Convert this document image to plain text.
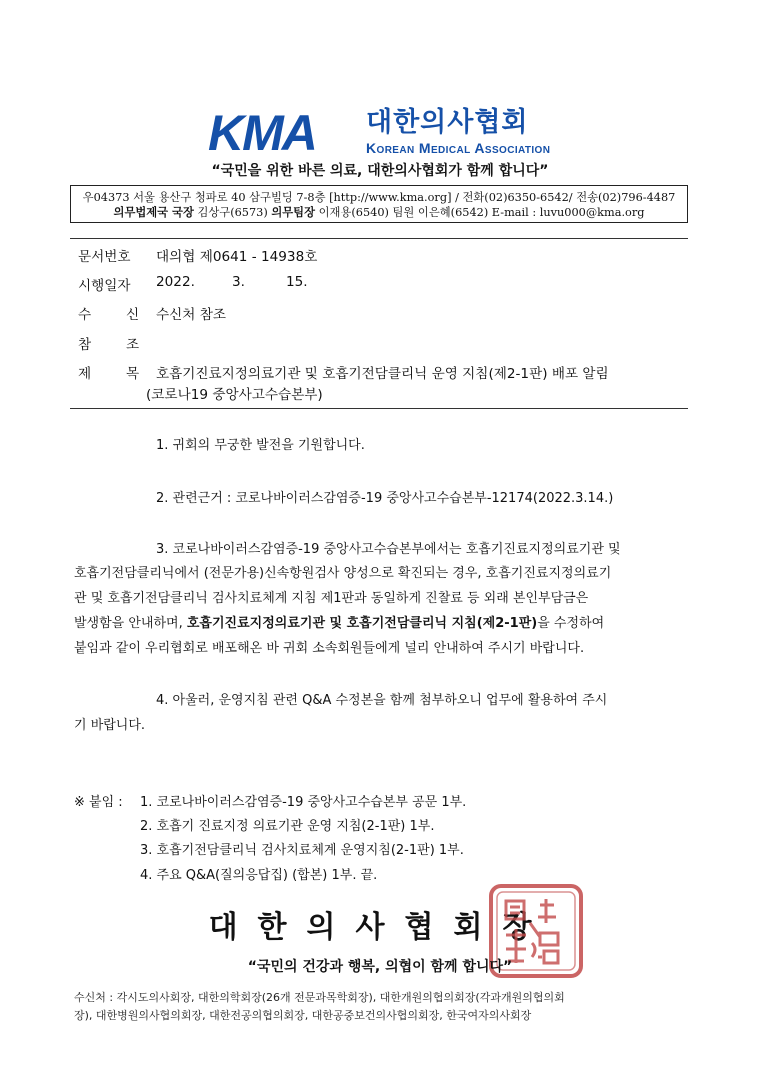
KMA 대한의사협회
Korean Medical Association
“국민을 위한 바른 의료, 대한의사협회가 함께 합니다”
우04373 서울 용산구 청파로 40 삼구빌딩 7-8층 [http://www.kma.org] / 전화(02)6350-6542/ 전송(02)796-4487
의무법제국 국장 김상구(6573) 의무팀장 이재용(6540) 팀원 이은혜(6542) E-mail : luvu000@kma.org
문서번호 대의협 제0641 - 14938호
시행일자 2022.	3.	15.
수	신 수신처 참조
참	조
제	목 호흡기진료지정의료기관 및 호흡기전담클리닉 운영 지침(제2-1판) 배포 알림
(코로나19 중앙사고수습본부)
1. 귀회의 무궁한 발전을 기원합니다.
2. 관련근거 : 코로나바이러스감염증-19 중앙사고수습본부-12174(2022.3.14.)
3. 코로나바이러스감염증-19 중앙사고수습본부에서는 호흡기진료지정의료기관 및
호흡기전담클리닉에서 (전문가용)신속항원검사 양성으로 확진되는 경우, 호흡기진료지정의료기
관 및 호흡기전담클리닉 검사치료체계 지침 제1판과 동일하게 진찰료 등 외래 본인부담금은
발생함을 안내하며, 호흡기진료지정의료기관 및 호흡기전담클리닉 지침(제2-1판)을 수정하여
붙임과 같이 우리협회로 배포해온 바 귀회 소속회원들에게 널리 안내하여 주시기 바랍니다.
4. 아울러, 운영지침 관련 Q&A 수정본을 함께 첨부하오니 업무에 활용하여 주시
기 바랍니다.
※ 붙임 : 1. 코로나바이러스감염증-19 중앙사고수습본부 공문 1부.
2. 호흡기 진료지정 의료기관 운영 지침(2-1판) 1부.
3. 호흡기전담클리닉 검사치료체계 운영지침(2-1판) 1부.
4. 주요 Q&A(질의응답집) (합본) 1부. 끝.
대한의사협회장
“국민의 건강과 행복, 의협이 함께 합니다”
수신처 : 각시도의사회장, 대한의학회장(26개 전문과목학회장), 대한개원의협의회장(각과개원의협의회
장), 대한병원의사협의회장, 대한전공의협의회장, 대한공중보건의사협의회장, 한국여자의사회장
